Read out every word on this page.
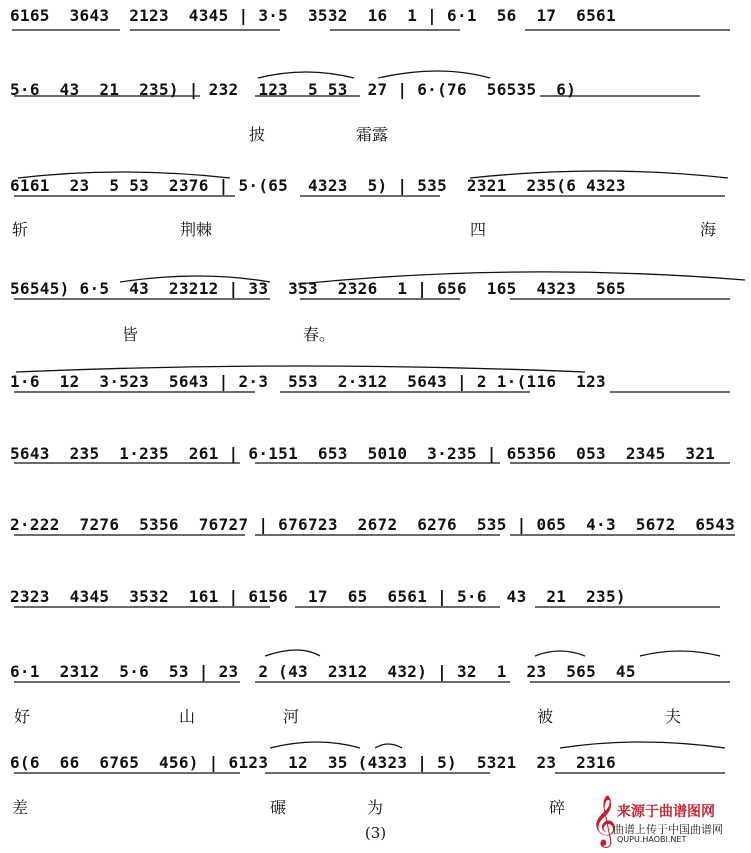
6165  3643  2123  4345 | 3·5  3532  16  1 | 6·1  56  17  6561
5·6  43  21  235) | 232  123  5 53  27 | 6·(76  56535  6)
披	霜露
6161  23  5 53  2376 | 5·(65  4323  5) | 535  2321  235(6 4323
斩	荆棘	四	海
56545) 6·5  43  23212 | 33  353  2326  1 | 656  165  4323  565
皆	春。
1·6  12  3·523  5643 | 2·3  553  2·312  5643 | 2 1·(116  123
5643  235  1·235  261 | 6·151  653  5010  3·235 | 65356  053  2345  321
2·222  7276  5356  76727 | 676723  2672  6276  535 | 065  4·3  5672  6543
2323  4345  3532  161 | 6156  17  65  6561 | 5·6  43  21  235)
6·1  2312  5·6  53 | 23  2 (43  2312  432) | 32  1  23  565  45
好	山	河	被	夫
6(6  66  6765  456) | 6123  12  35 (4323 | 5)  5321  23  2316
差	碾	为	碎
(3)	𝄞 来源于曲谱图网
曲谱上传于中国曲谱网
QUPU.HAOBI.NET
